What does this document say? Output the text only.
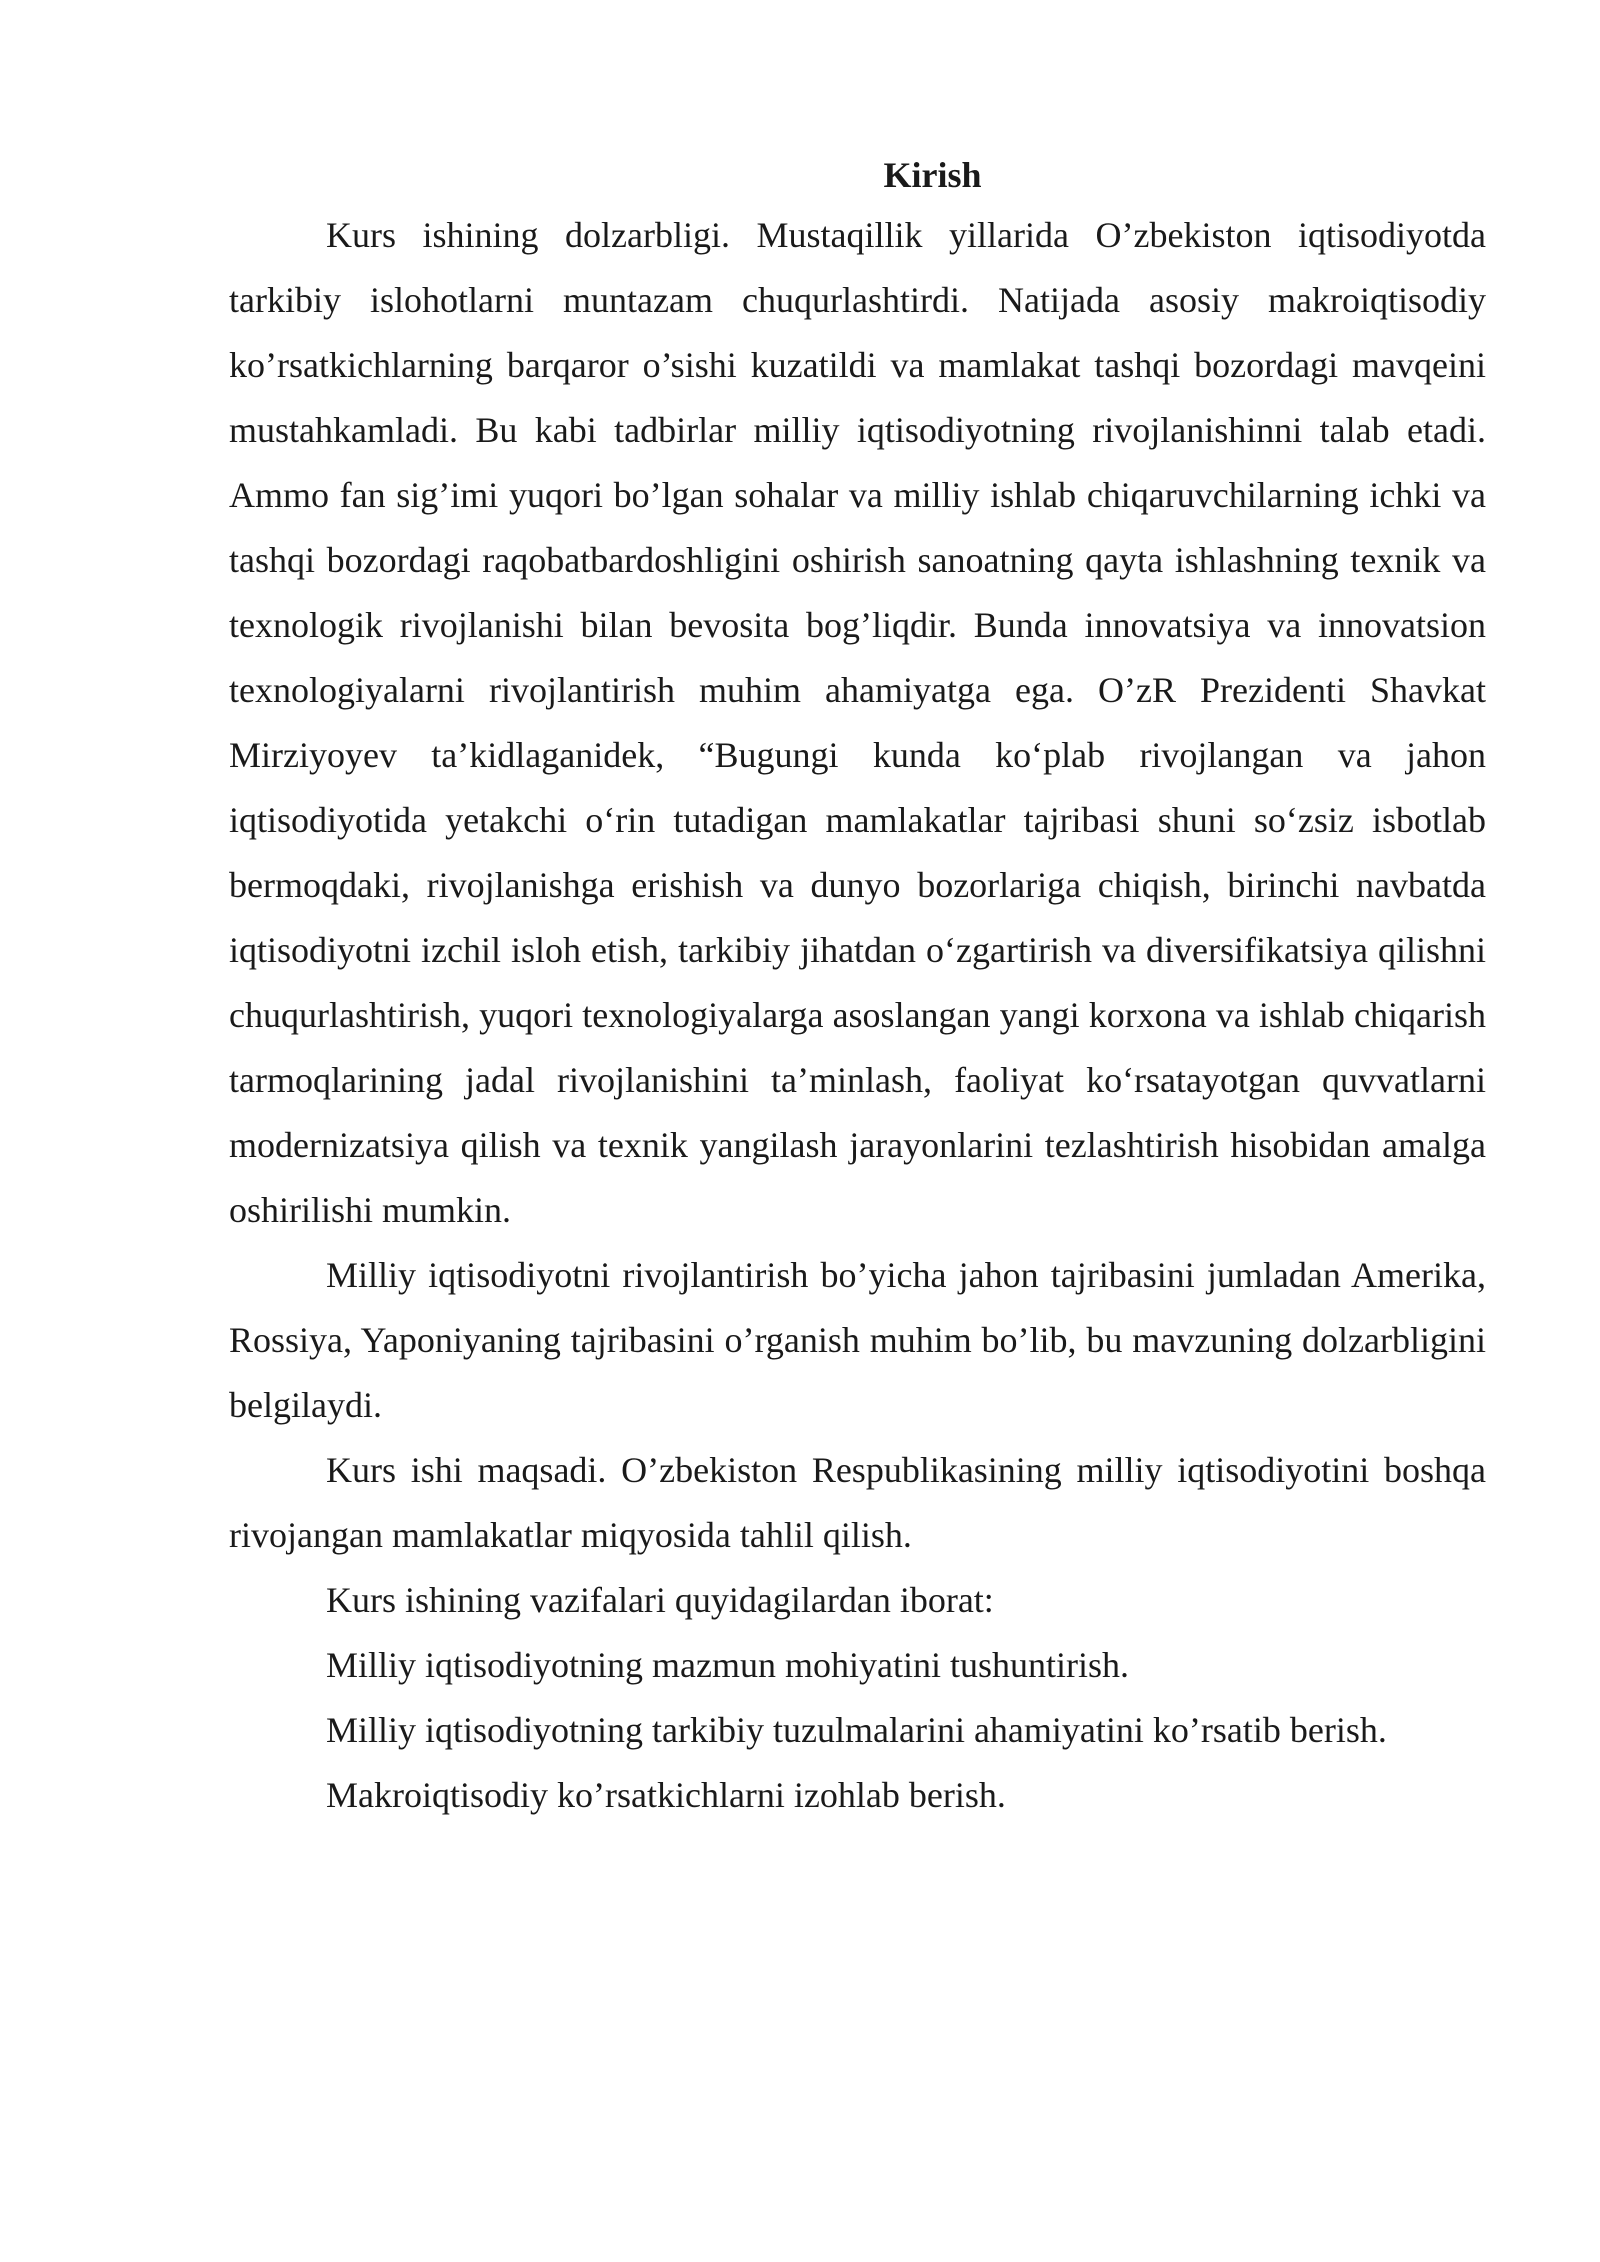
Kirish

Kurs ishining dolzarbligi. Mustaqillik yillarida O’zbekiston iqtisodiyotda tarkibiy islohotlarni muntazam chuqurlashtirdi. Natijada asosiy makroiqtisodiy ko’rsatkichlarning barqaror o’sishi kuzatildi va mamlakat tashqi bozordagi mavqeini mustahkamladi. Bu kabi tadbirlar milliy iqtisodiyotning rivojlanishinni talab etadi. Ammo fan sig’imi yuqori bo’lgan sohalar va milliy ishlab chiqaruvchilarning ichki va tashqi bozordagi raqobatbardoshligini oshirish sanoatning qayta ishlashning texnik va texnologik rivojlanishi bilan bevosita bog’liqdir. Bunda innovatsiya va innovatsion texnologiyalarni rivojlantirish muhim ahamiyatga ega. O’zR Prezidenti Shavkat Mirziyoyev ta’kidlaganidek, “Bugungi kunda ko‘plab rivojlangan va jahon iqtisodiyotida yetakchi o‘rin tutadigan mamlakatlar tajribasi shuni so‘zsiz isbotlab bermoqdaki, rivojlanishga erishish va dunyo bozorlariga chiqish, birinchi navbatda iqtisodiyotni izchil isloh etish, tarkibiy jihatdan o‘zgartirish va diversifikatsiya qilishni chuqurlashtirish, yuqori texnologiyalarga asoslangan yangi korxona va ishlab chiqarish tarmoqlarining jadal rivojlanishini ta’minlash, faoliyat ko‘rsatayotgan quvvatlarni modernizatsiya qilish va texnik yangilash jarayonlarini tezlashtirish hisobidan amalga oshirilishi mumkin.

Milliy iqtisodiyotni rivojlantirish bo’yicha jahon tajribasini jumladan Amerika, Rossiya, Yaponiyaning tajribasini o’rganish muhim bo’lib, bu mavzuning dolzarbligini belgilaydi.

Kurs ishi maqsadi. O’zbekiston Respublikasining milliy iqtisodiyotini boshqa rivojangan mamlakatlar miqyosida tahlil qilish.

Kurs ishining vazifalari quyidagilardan iborat:

Milliy iqtisodiyotning mazmun mohiyatini tushuntirish.

Milliy iqtisodiyotning tarkibiy tuzulmalarini ahamiyatini ko’rsatib berish.

Makroiqtisodiy ko’rsatkichlarni izohlab berish.
